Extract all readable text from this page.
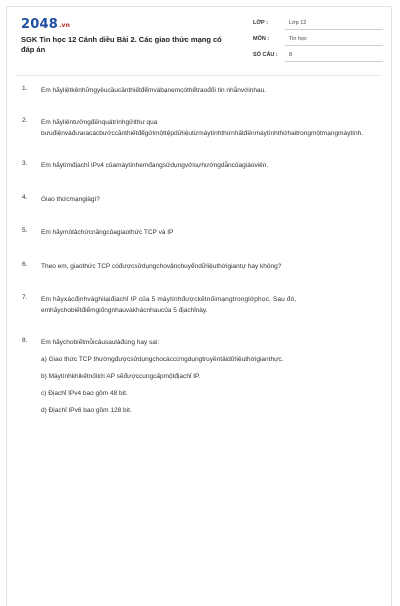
2048.vn
SGK Tin học 12 Cánh diều Bài 2. Các giao thức mạng có
đáp án
LỚP :	Lớp 12
MÔN :	Tin học
SỐ CÂU :	8
1. Em hãyliệtkênhữngyêucầucầnthiếtđểmvàbạnemcóthểtraođổi tin nhắnvớinhau.
2. Em hãyliêntưởngđếnquátrìnhgửithư qua
bưuđiệnvàđưaracácbướccầnthiếtđểgửimộttệpdữliệutừmáytínhthứnhấtđếnmáytínhthứhaitrongmộtmạngmáytính.
3. Em hãytìmđịachỉ IPv4 củamáytínhemđangsửdụngvớisựhướngdẫncủagiáoviên.
4. Giao thứcmạnglàgì?
5. Em hãymôtảchứcnăngcủagiaothức TCP và IP
6. Theo em, giaothức TCP cóđượcsửdụngchovậnchuyểndữliệuthờigiantự hay không?
7. Em hãyxácđịnhvàghilạiđịachỉ IP của 5 máytínhđượckếtnốimạngtronglớphọc. Sau đó,
emhãychobiếtđiểmgiốngnhauvàkhácnhaucủa 5 địachỉnày.
8. Em hãychobiếtmỗicâusaulàđúng hay sai:
a) Giao thức TCP thườngđượcsửdụngchocáccứngdụngtruyềntảidữliệuthờigianthực.
b) Máytínhkhikếtnốitới AP sẽđượccungcấpmộtđịachỉ IP.
c) Địachỉ IPv4 bao gồm 48 bit.
d) Địachỉ IPv6 bao gồm 128 bit.
